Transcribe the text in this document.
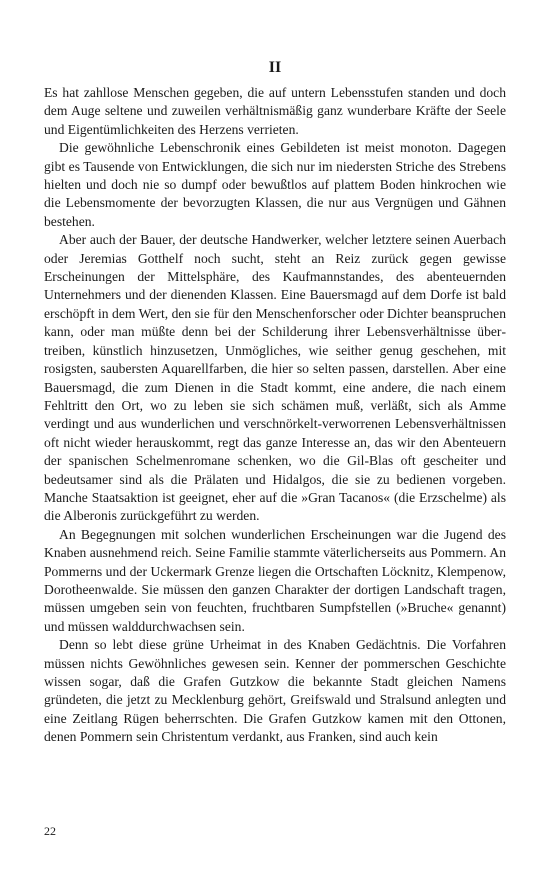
II

Es hat zahllose Menschen gegeben, die auf untern Lebensstufen standen und doch dem Auge seltene und zuweilen verhältnismäßig ganz wunderbare Kräfte der Seele und Eigentümlichkeiten des Herzens verrieten.

Die gewöhnliche Lebenschronik eines Gebildeten ist meist monoton. Dagegen gibt es Tausende von Entwicklungen, die sich nur im niedersten Striche des Strebens hielten und doch nie so dumpf oder bewußtlos auf plattem Boden hinkrochen wie die Lebensmomente der bevorzugten Klassen, die nur aus Vergnügen und Gähnen bestehen.

Aber auch der Bauer, der deutsche Handwerker, welcher letztere seinen Auerbach oder Jeremias Gotthelf noch sucht, steht an Reiz zurück gegen gewisse Erscheinungen der Mittelsphäre, des Kaufmannstandes, des abenteuernden Unternehmers und der dienenden Klassen. Eine Bauersmagd auf dem Dorfe ist bald erschöpft in dem Wert, den sie für den Menschenforscher oder Dichter beanspruchen kann, oder man müßte denn bei der Schilderung ihrer Lebensverhältnisse übertreiben, künstlich hinzusetzen, Unmögliches, wie seither genug geschehen, mit rosigsten, saubersten Aquarellfarben, die hier so selten passen, darstellen. Aber eine Bauersmagd, die zum Dienen in die Stadt kommt, eine andere, die nach einem Fehltritt den Ort, wo zu leben sie sich schämen muß, verläßt, sich als Amme verdingt und aus wunderlichen und verschnörkelt-verworrenen Lebensverhältnissen oft nicht wieder herauskommt, regt das ganze Interesse an, das wir den Abenteuern der spanischen Schelmenromane schenken, wo die Gil-Blas oft gescheiter und bedeutsamer sind als die Prälaten und Hidalgos, die sie zu bedienen vorgeben. Manche Staatsaktion ist geeignet, eher auf die »Gran Tacanos« (die Erzschelme) als die Alberonis zurückgeführt zu werden.

An Begegnungen mit solchen wunderlichen Erscheinungen war die Jugend des Knaben ausnehmend reich. Seine Familie stammte väterlicherseits aus Pommern. An Pommerns und der Uckermark Grenze liegen die Ortschaften Löcknitz, Klempenow, Dorotheenwalde. Sie müssen den ganzen Charakter der dortigen Landschaft tragen, müssen umgeben sein von feuchten, fruchtbaren Sumpfstellen (»Bruche« genannt) und müssen walddurchwachsen sein.

Denn so lebt diese grüne Urheimat in des Knaben Gedächtnis. Die Vorfahren müssen nichts Gewöhnliches gewesen sein. Kenner der pommerschen Geschichte wissen sogar, daß die Grafen Gutzkow die bekannte Stadt gleichen Namens gründeten, die jetzt zu Mecklenburg gehört, Greifswald und Stralsund anlegten und eine Zeitlang Rügen beherrschten. Die Grafen Gutzkow kamen mit den Ottonen, denen Pommern sein Christentum verdankt, aus Franken, sind auch kein

22
